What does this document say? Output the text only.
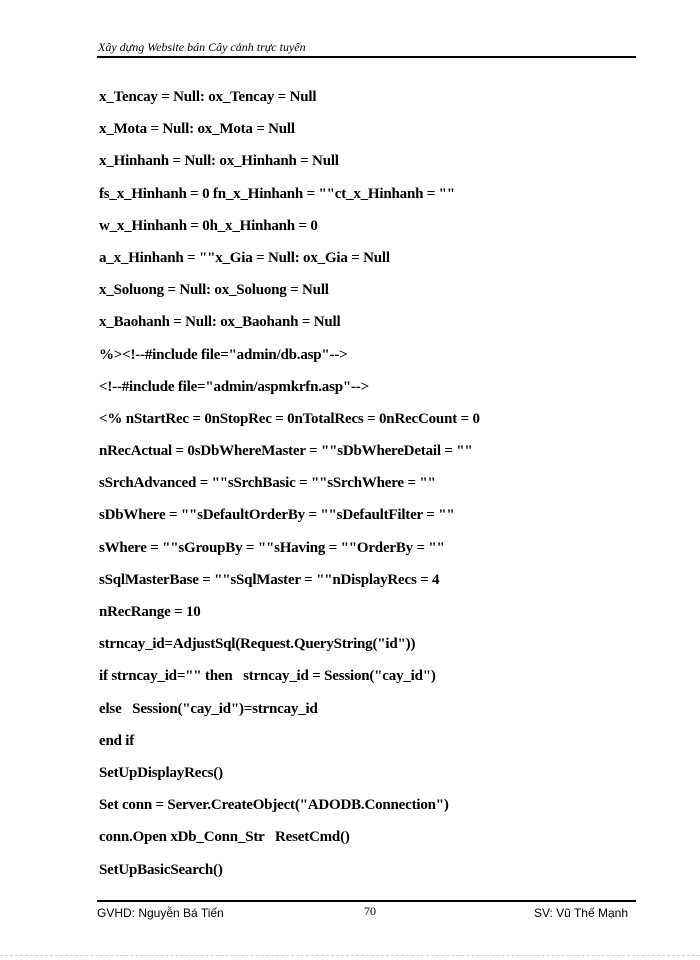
Xây dựng Website bán Cây cảnh trực tuyến
x_Tencay = Null: ox_Tencay = Null
x_Mota = Null: ox_Mota = Null
x_Hinhanh = Null: ox_Hinhanh = Null
fs_x_Hinhanh = 0 fn_x_Hinhanh = ""ct_x_Hinhanh = ""
w_x_Hinhanh = 0h_x_Hinhanh = 0
a_x_Hinhanh = ""x_Gia = Null: ox_Gia = Null
x_Soluong = Null: ox_Soluong = Null
x_Baohanh = Null: ox_Baohanh = Null
%><!--#include file="admin/db.asp"-->
<!--#include file="admin/aspmkrfn.asp"-->
<% nStartRec = 0nStopRec = 0nTotalRecs = 0nRecCount = 0
nRecActual = 0sDbWhereMaster = ""sDbWhereDetail = ""
sSrchAdvanced = ""sSrchBasic = ""sSrchWhere = ""
sDbWhere = ""sDefaultOrderBy = ""sDefaultFilter = ""
sWhere = ""sGroupBy = ""sHaving = ""OrderBy = ""
sSqlMasterBase = ""sSqlMaster = ""nDisplayRecs = 4
nRecRange = 10
strncay_id=AdjustSql(Request.QueryString("id"))
if strncay_id="" then   strncay_id = Session("cay_id")
else   Session("cay_id")=strncay_id
end if
SetUpDisplayRecs()
Set conn = Server.CreateObject("ADODB.Connection")
conn.Open xDb_Conn_Str   ResetCmd()
SetUpBasicSearch()
GVHD: Nguyễn Bá Tiến	70	SV: Vũ Thế Mạnh
